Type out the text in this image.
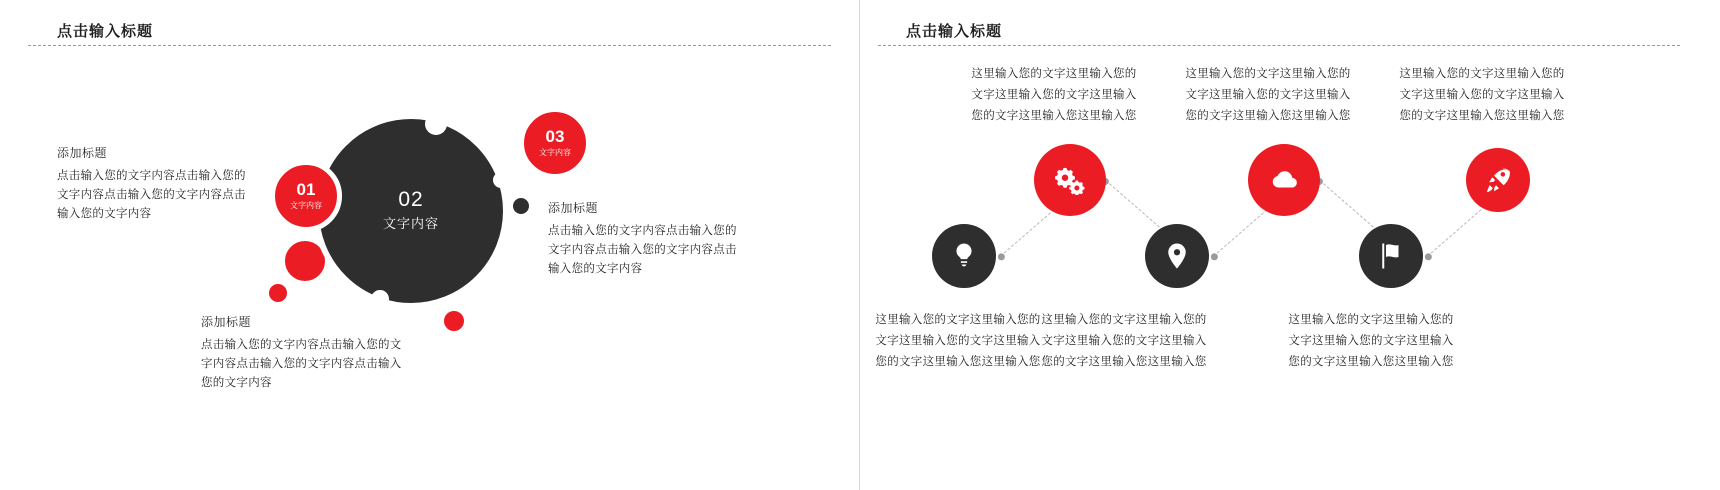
点击输入标题
02
文字内容
01
文字内容
03
文字内容
添加标题
点击输入您的文字内容点击输入您的文字内容点击输入您的文字内容点击输入您的文字内容	添加标题
点击输入您的文字内容点击输入您的文字内容点击输入您的文字内容点击输入您的文字内容
添加标题
点击输入您的文字内容点击输入您的文字内容点击输入您的文字内容点击输入您的文字内容
点击输入标题
这里输入您的文字这里输入您的文字这里输入您的文字这里输入您的文字这里输入您这里输入您
这里输入您的文字这里输入您的文字这里输入您的文字这里输入您的文字这里输入您这里输入您
这里输入您的文字这里输入您的文字这里输入您的文字这里输入您的文字这里输入您这里输入您
这里输入您的文字这里输入您的文字这里输入您的文字这里输入您的文字这里输入您这里输入您
这里输入您的文字这里输入您的文字这里输入您的文字这里输入您的文字这里输入您这里输入您
这里输入您的文字这里输入您的文字这里输入您的文字这里输入您的文字这里输入您这里输入您
